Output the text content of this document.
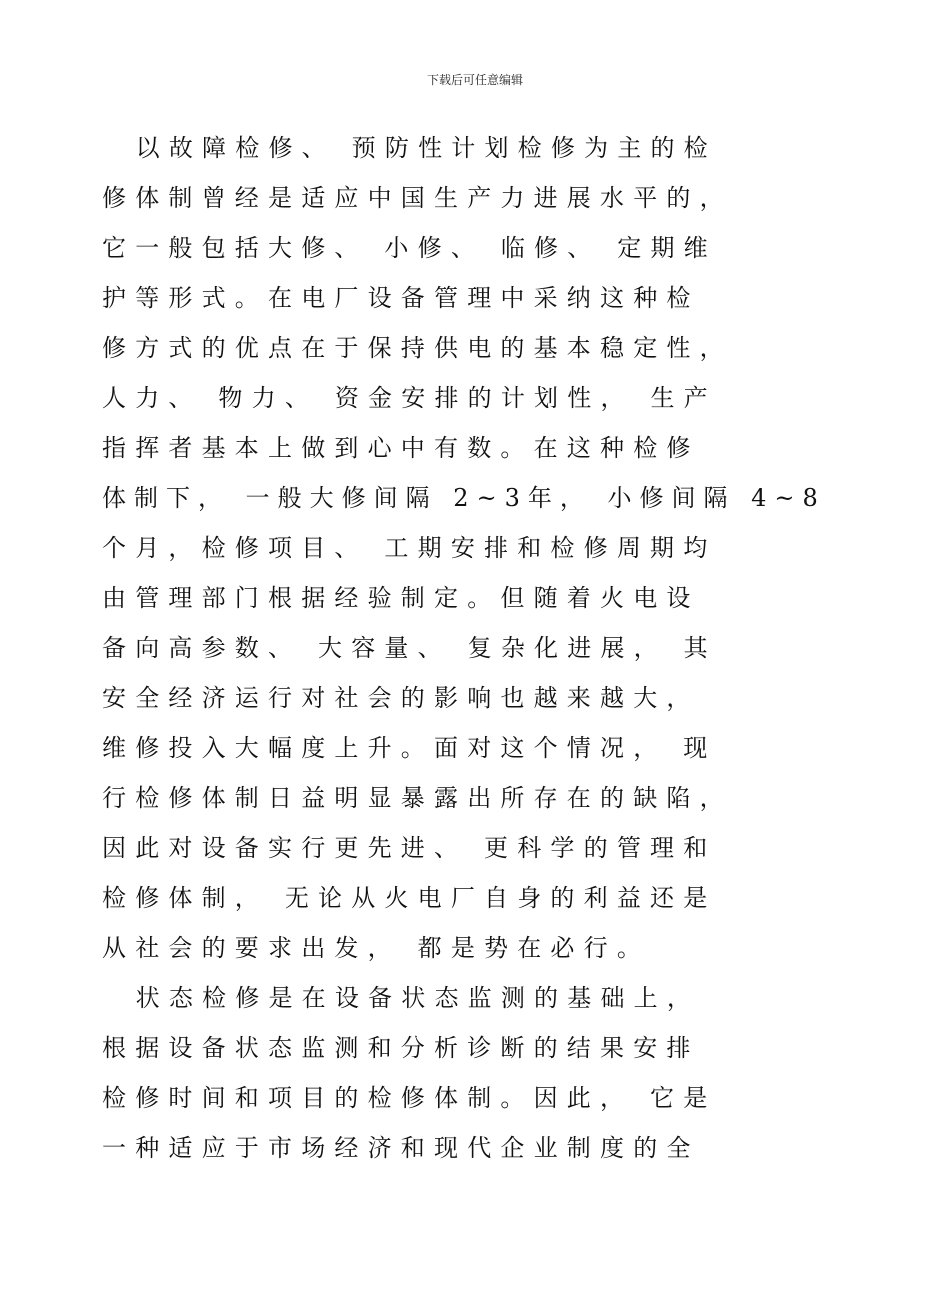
下载后可任意编辑
以故障检修、 预防性计划检修为主的检
修体制曾经是适应中国生产力进展水平的，
它一般包括大修、 小修、 临修、 定期维
护等形式。在电厂设备管理中采纳这种检
修方式的优点在于保持供电的基本稳定性，
人力、 物力、 资金安排的计划性， 生产
指挥者基本上做到心中有数。在这种检修
体制下， 一般大修间隔 2~3年， 小修间隔 4~8
个月，检修项目、 工期安排和检修周期均
由管理部门根据经验制定。但随着火电设
备向高参数、 大容量、 复杂化进展， 其
安全经济运行对社会的影响也越来越大，
维修投入大幅度上升。面对这个情况， 现
行检修体制日益明显暴露出所存在的缺陷，
因此对设备实行更先进、 更科学的管理和
检修体制， 无论从火电厂自身的利益还是
从社会的要求出发， 都是势在必行。
状态检修是在设备状态监测的基础上，
根据设备状态监测和分析诊断的结果安排
检修时间和项目的检修体制。因此， 它是
一种适应于市场经济和现代企业制度的全
